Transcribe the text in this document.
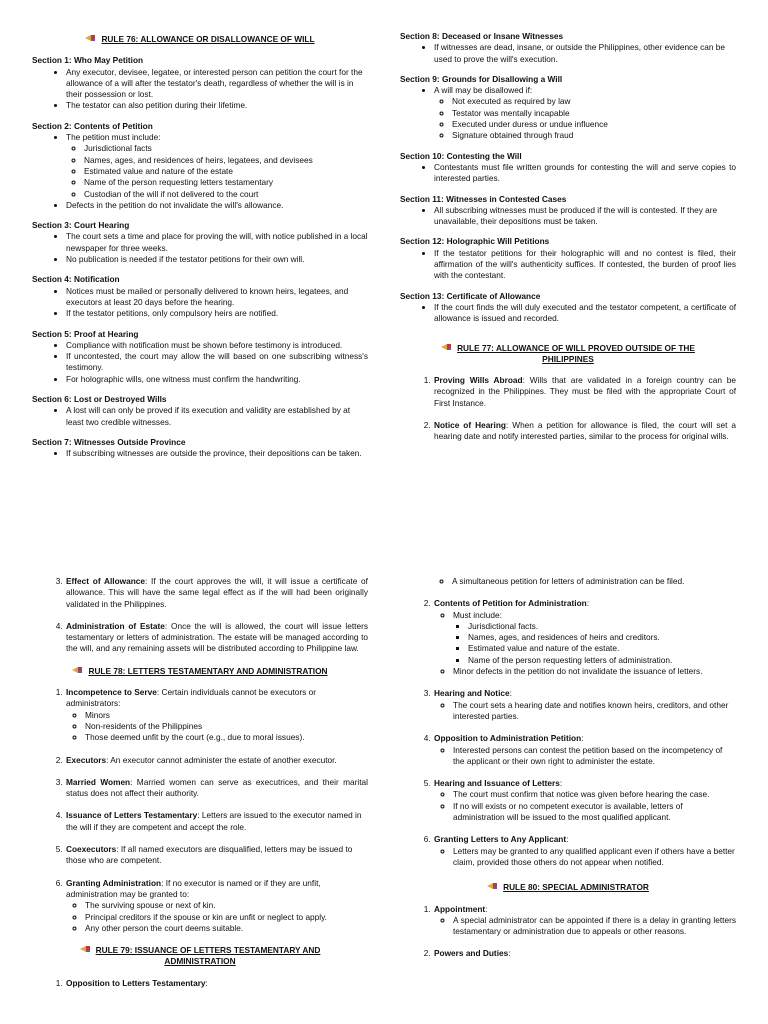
RULE 76: ALLOWANCE OR DISALLOWANCE OF WILL

Section 1: Who May Petition

• Any executor, devisee, legatee, or interested person can petition the court for the allowance of a will after the testator's death, regardless of whether the will is in their possession or lost.
• The testator can also petition during their lifetime.

Section 2: Contents of Petition

• The petition must include:
◦ Jurisdictional facts
◦ Names, ages, and residences of heirs, legatees, and devisees
◦ Estimated value and nature of the estate
◦ Name of the person requesting letters testamentary
◦ Custodian of the will if not delivered to the court
• Defects in the petition do not invalidate the will's allowance.

Section 3: Court Hearing

• The court sets a time and place for proving the will, with notice published in a local newspaper for three weeks.
• No publication is needed if the testator petitions for their own will.

Section 4: Notification

• Notices must be mailed or personally delivered to known heirs, legatees, and executors at least 20 days before the hearing.
• If the testator petitions, only compulsory heirs are notified.

Section 5: Proof at Hearing

• Compliance with notification must be shown before testimony is introduced.
• If uncontested, the court may allow the will based on one subscribing witness's testimony.
• For holographic wills, one witness must confirm the handwriting.

Section 6: Lost or Destroyed Wills

• A lost will can only be proved if its execution and validity are established by at least two credible witnesses.

Section 7: Witnesses Outside Province

• If subscribing witnesses are outside the province, their depositions can be taken.

Section 8: Deceased or Insane Witnesses

• If witnesses are dead, insane, or outside the Philippines, other evidence can be used to prove the will's execution.

Section 9: Grounds for Disallowing a Will

• A will may be disallowed if:
◦ Not executed as required by law
◦ Testator was mentally incapable
◦ Executed under duress or undue influence
◦ Signature obtained through fraud

Section 10: Contesting the Will

• Contestants must file written grounds for contesting the will and serve copies to interested parties.

Section 11: Witnesses in Contested Cases

• All subscribing witnesses must be produced if the will is contested. If they are unavailable, their depositions must be taken.

Section 12: Holographic Will Petitions

• If the testator petitions for their holographic will and no contest is filed, their affirmation of the will's authenticity suffices. If contested, the burden of proof lies with the contestant.

Section 13: Certificate of Allowance

• If the court finds the will duly executed and the testator competent, a certificate of allowance is issued and recorded.
RULE 77: ALLOWANCE OF WILL PROVED OUTSIDE OF THE PHILIPPINES
1. Proving Wills Abroad: Wills that are validated in a foreign country can be recognized in the Philippines. They must be filed with the appropriate Court of First Instance.
2. Notice of Hearing: When a petition for allowance is filed, the court will set a hearing date and notify interested parties, similar to the process for original wills.
3. Effect of Allowance: If the court approves the will, it will issue a certificate of allowance. This will have the same legal effect as if the will had been originally validated in the Philippines.
4. Administration of Estate: Once the will is allowed, the court will issue letters testamentary or letters of administration. The estate will be managed according to the will, and any remaining assets will be distributed according to Philippine law.
RULE 78: LETTERS TESTAMENTARY AND ADMINISTRATION
1. Incompetence to Serve: Certain individuals cannot be executors or administrators:
◦ Minors
◦ Non-residents of the Philippines
◦ Those deemed unfit by the court (e.g., due to moral issues).
2. Executors: An executor cannot administer the estate of another executor.
3. Married Women: Married women can serve as executrices, and their marital status does not affect their authority.
4. Issuance of Letters Testamentary: Letters are issued to the executor named in the will if they are competent and accept the role.
5. Coexecutors: If all named executors are disqualified, letters may be issued to those who are competent.
6. Granting Administration: If no executor is named or if they are unfit, administration may be granted to:
◦ The surviving spouse or next of kin.
◦ Principal creditors if the spouse or kin are unfit or neglect to apply.
◦ Any other person the court deems suitable.
RULE 79: ISSUANCE OF LETTERS TESTAMENTARY AND ADMINISTRATION
1. Opposition to Letters Testamentary:
◦ A simultaneous petition for letters of administration can be filed.
2. Contents of Petition for Administration:
◦ Must include:
▪ Jurisdictional facts.
▪ Names, ages, and residences of heirs and creditors.
▪ Estimated value and nature of the estate.
▪ Name of the person requesting letters of administration.
◦ Minor defects in the petition do not invalidate the issuance of letters.
3. Hearing and Notice:
◦ The court sets a hearing date and notifies known heirs, creditors, and other interested parties.
4. Opposition to Administration Petition:
◦ Interested persons can contest the petition based on the incompetency of the applicant or their own right to administer the estate.
5. Hearing and Issuance of Letters:
◦ The court must confirm that notice was given before hearing the case.
◦ If no will exists or no competent executor is available, letters of administration will be issued to the most qualified applicant.
6. Granting Letters to Any Applicant:
◦ Letters may be granted to any qualified applicant even if others have a better claim, provided those others do not appear when notified.
RULE 80: SPECIAL ADMINISTRATOR
1. Appointment:
◦ A special administrator can be appointed if there is a delay in granting letters testamentary or administration due to appeals or other reasons.
2. Powers and Duties:
